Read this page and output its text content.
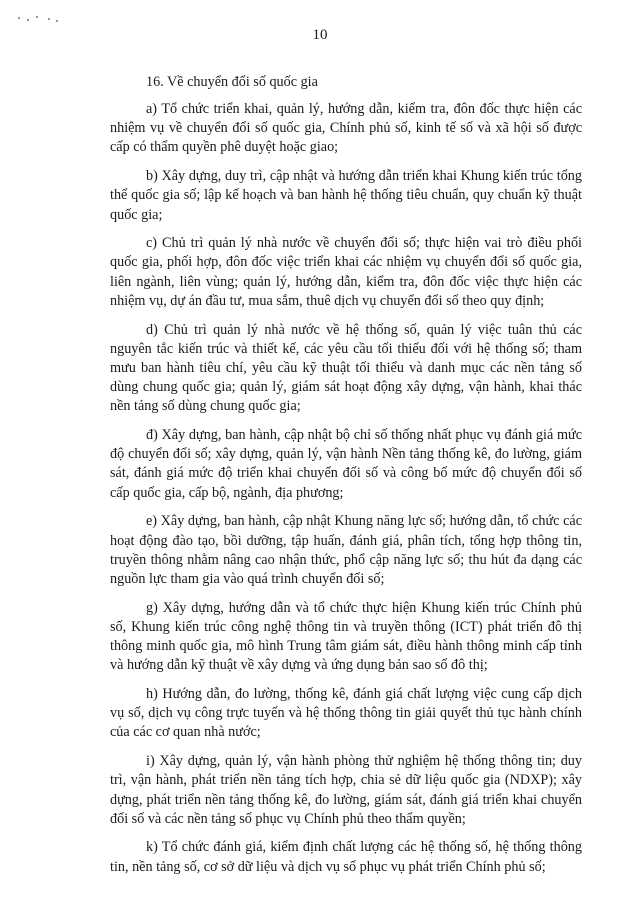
10

16. Về chuyển đổi số quốc gia

a) Tổ chức triển khai, quản lý, hướng dẫn, kiểm tra, đôn đốc thực hiện các nhiệm vụ về chuyển đổi số quốc gia, Chính phủ số, kinh tế số và xã hội số được cấp có thẩm quyền phê duyệt hoặc giao;

b) Xây dựng, duy trì, cập nhật và hướng dẫn triển khai Khung kiến trúc tổng thể quốc gia số; lập kế hoạch và ban hành hệ thống tiêu chuẩn, quy chuẩn kỹ thuật quốc gia;

c) Chủ trì quản lý nhà nước về chuyển đổi số; thực hiện vai trò điều phối quốc gia, phối hợp, đôn đốc việc triển khai các nhiệm vụ chuyển đổi số quốc gia, liên ngành, liên vùng; quản lý, hướng dẫn, kiểm tra, đôn đốc việc thực hiện các nhiệm vụ, dự án đầu tư, mua sắm, thuê dịch vụ chuyển đổi số theo quy định;

d) Chủ trì quản lý nhà nước về hệ thống số, quản lý việc tuân thủ các nguyên tắc kiến trúc và thiết kế, các yêu cầu tối thiểu đối với hệ thống số; tham mưu ban hành tiêu chí, yêu cầu kỹ thuật tối thiểu và danh mục các nền tảng số dùng chung quốc gia; quản lý, giám sát hoạt động xây dựng, vận hành, khai thác nền tảng số dùng chung quốc gia;

đ) Xây dựng, ban hành, cập nhật bộ chỉ số thống nhất phục vụ đánh giá mức độ chuyển đổi số; xây dựng, quản lý, vận hành Nền tảng thống kê, đo lường, giám sát, đánh giá mức độ triển khai chuyển đổi số và công bố mức độ chuyển đổi số cấp quốc gia, cấp bộ, ngành, địa phương;

e) Xây dựng, ban hành, cập nhật Khung năng lực số; hướng dẫn, tổ chức các hoạt động đào tạo, bồi dưỡng, tập huấn, đánh giá, phân tích, tổng hợp thông tin, truyền thông nhằm nâng cao nhận thức, phổ cập năng lực số; thu hút đa dạng các nguồn lực tham gia vào quá trình chuyển đổi số;

g) Xây dựng, hướng dẫn và tổ chức thực hiện Khung kiến trúc Chính phủ số, Khung kiến trúc công nghệ thông tin và truyền thông (ICT) phát triển đô thị thông minh quốc gia, mô hình Trung tâm giám sát, điều hành thông minh cấp tỉnh và hướng dẫn kỹ thuật về xây dựng và ứng dụng bản sao số đô thị;

h) Hướng dẫn, đo lường, thống kê, đánh giá chất lượng việc cung cấp dịch vụ số, dịch vụ công trực tuyến và hệ thống thông tin giải quyết thủ tục hành chính của các cơ quan nhà nước;

i) Xây dựng, quản lý, vận hành phòng thử nghiệm hệ thống thông tin; duy trì, vận hành, phát triển nền tảng tích hợp, chia sẻ dữ liệu quốc gia (NDXP); xây dựng, phát triển nền tảng thống kê, đo lường, giám sát, đánh giá triển khai chuyển đổi số và các nền tảng số phục vụ Chính phủ theo thẩm quyền;

k) Tổ chức đánh giá, kiểm định chất lượng các hệ thống số, hệ thống thông tin, nền tảng số, cơ sở dữ liệu và dịch vụ số phục vụ phát triển Chính phủ số;
